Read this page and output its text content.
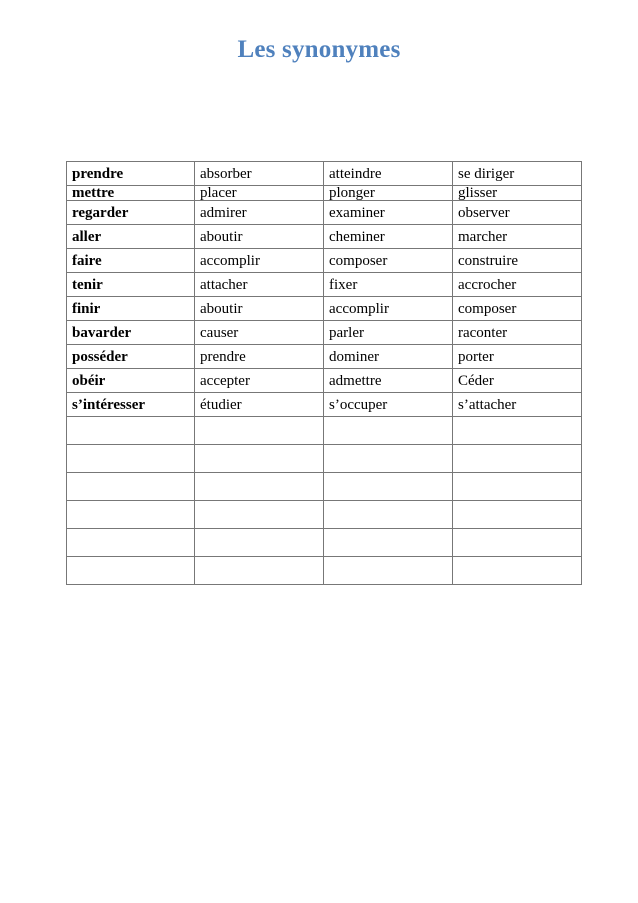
Les synonymes
prendre	absorber	atteindre	se diriger
mettre	placer	plonger	glisser
regarder	admirer	examiner	observer
aller	aboutir	cheminer	marcher
faire	accomplir	composer	construire
tenir	attacher	fixer	accrocher
finir	aboutir	accomplir	composer
bavarder	causer	parler	raconter
posséder	prendre	dominer	porter
obéir	accepter	admettre	Céder
s’intéresser	étudier	s’occuper	s’attacher
